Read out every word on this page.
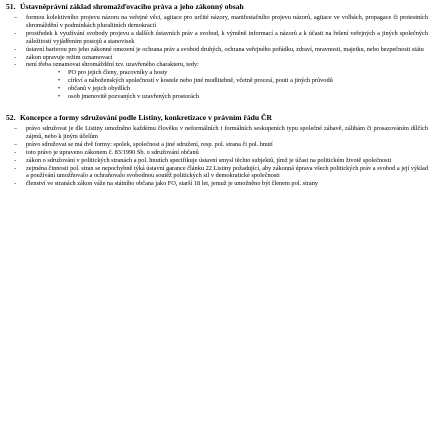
51. Ústavněprávní základ shromažďovacího práva a jeho zákonný obsah

–	formou kolektivního projevu názoru na veřejné věci, agitace pro určité názory, manifestačního projevu názorů, agitace ve volbách, propagace či protestních shromáždění v podmínkách pluralitních demokracií

-	prostředek k využívání svobody projevu a dalších ústavních práv a svobod, k výměně informací a názorů a k účasti na řešení veřejných a jiných společných záležitostí vyjádřením postojů a stanovisek

-	ústavní barierou pro jeho zákonné omezení je ochrana práv a svobod druhých, ochrana veřejného pořádku, zdraví, mravnosti, majetku, nebo bezpečnosti státu

-	zákon upravuje režim oznamovací

-	není třeba oznamovat shromáždění tzv. uzavřeného charakteru, tedy:

•	PO pro jejich členy, pracovníky a hosty

•	církví a náboženských společností v kostele nebo jiné modlitebně, včetně procesí, pouti a jiných průvodů

•	občanů v jejich obydlích

•	osob jmenovitě pozvaných v uzavřených prostorách

52. Koncepce a formy sdružování podle Listiny, konkretizace v právním řádu ČR

–	právo sdružovat je dle Listiny umožněno každému člověku v neformálních i formálních seskupeních typu společné zábavě, zálibám či prosazováním dílčích zájmů, nebo k jiným účelům

–	právo sdružovat se má dvě formy: spolek, společnost a jiné sdružení, resp. pol. strana či pol. hnutí

-	toto právo je upraveno zákonem č. 83/1990 Sb. o sdružování občanů

-	zákon o sdružování v politických stranách a pol. hnutích specifikuje ústavní smysl těchto subjektů, jímž je účast na politickém životě společnosti

-	zejména činnosti pol. stran se nepochybně týká ústavní garance článku 22 Listiny požadující, aby zákonná úprava všech politických práv a svobod a její výklad a používání umožňovalo a ochraňovalo svobodnou soutěž politických sil v demokratické společnosti

-	členství ve stranách zákon váže na státního občana jako FO, starší 18 let, jemuž je umožněno být členem pol. strany
